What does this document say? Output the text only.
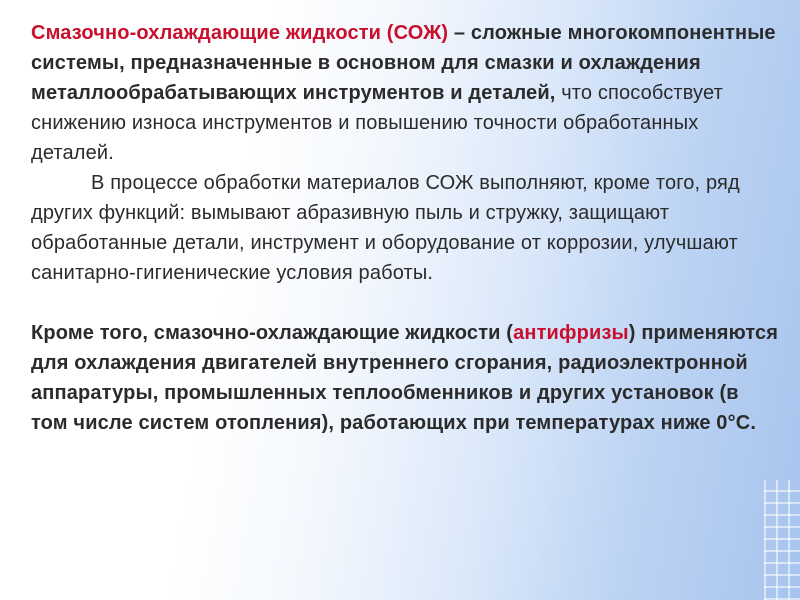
Смазочно-охлаждающие жидкости (СОЖ) – сложные многокомпонентные системы, предназначенные в основном для смазки и охлаждения металлообрабатывающих инструментов и деталей, что способствует снижению износа инструментов и повышению точности обработанных деталей.

В процессе обработки материалов СОЖ выполняют, кроме того, ряд других функций: вымывают абразивную пыль и стружку, защищают обработанные детали, инструмент и оборудование от коррозии, улучшают санитарно-гигиенические условия работы.

Кроме того, смазочно-охлаждающие жидкости (антифризы) применяются для охлаждения двигателей внутреннего сгорания, радиоэлектронной аппаратуры, промышленных теплообменников и других установок (в том числе систем отопления), работающих при температурах ниже 0°С.
